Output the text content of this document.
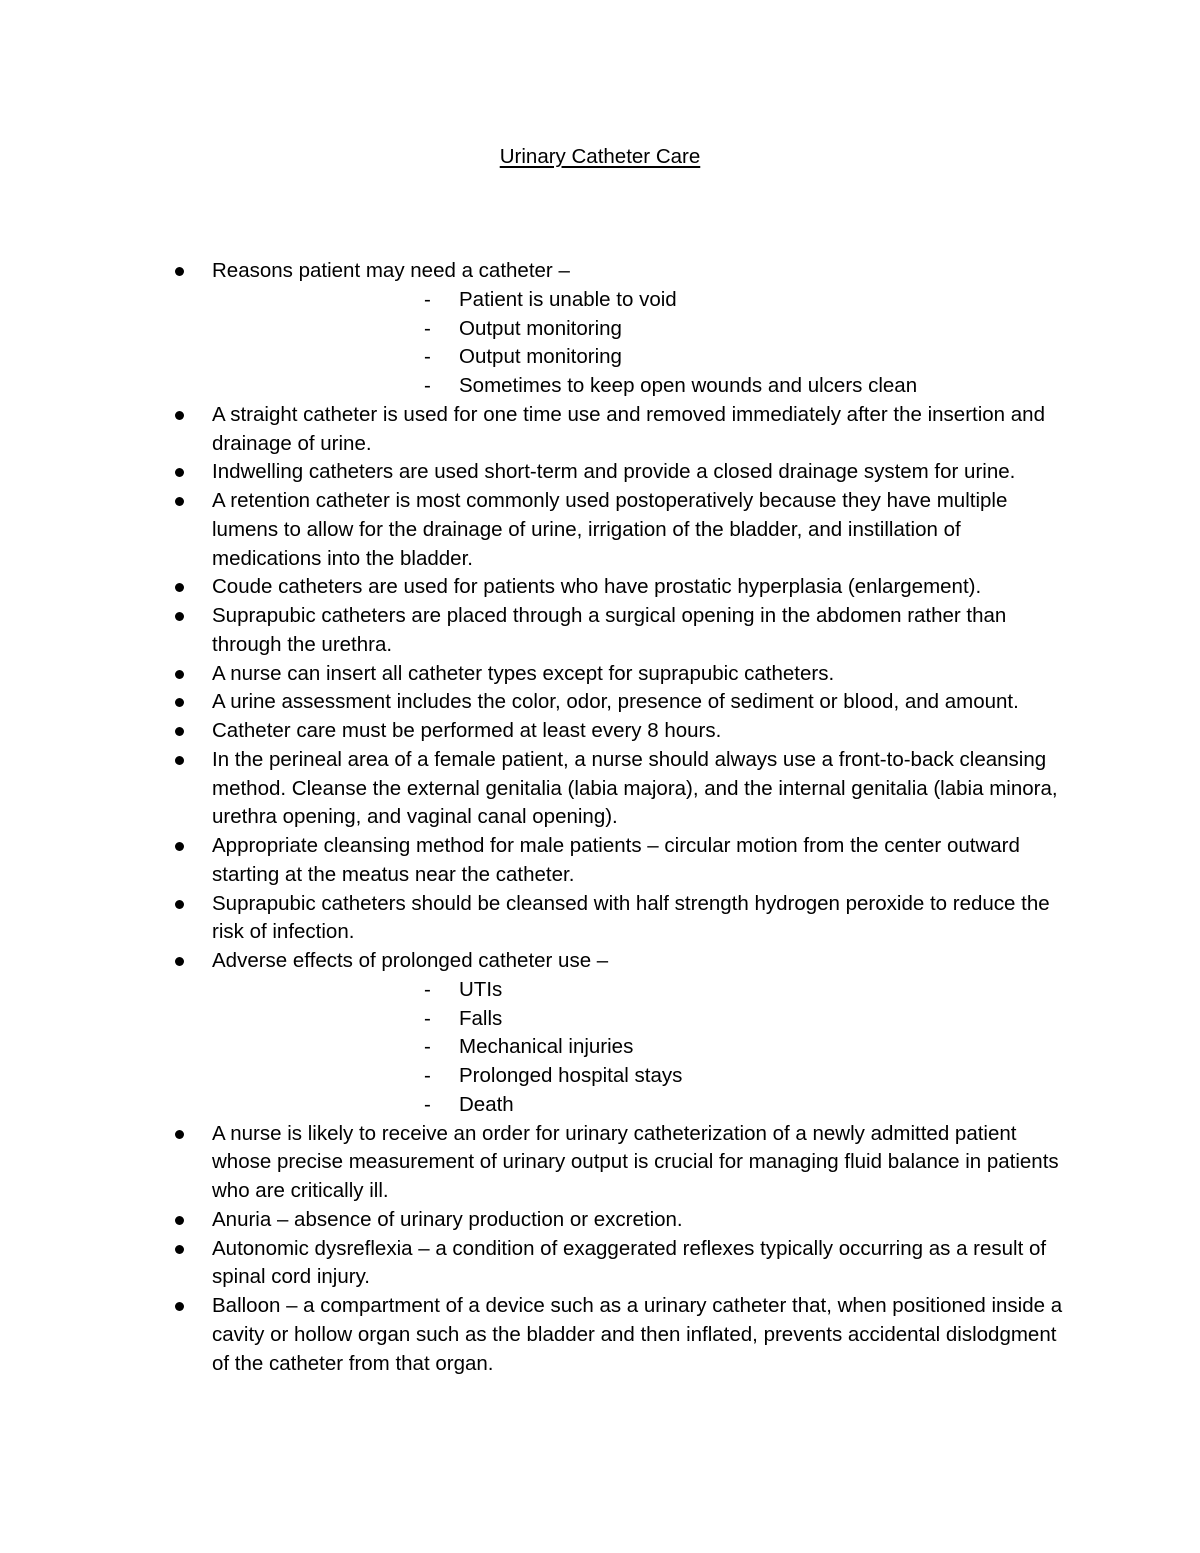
Urinary Catheter Care
Reasons patient may need a catheter –
- Patient is unable to void
- Output monitoring
- Output monitoring
- Sometimes to keep open wounds and ulcers clean
A straight catheter is used for one time use and removed immediately after the insertion and drainage of urine.
Indwelling catheters are used short-term and provide a closed drainage system for urine.
A retention catheter is most commonly used postoperatively because they have multiple lumens to allow for the drainage of urine, irrigation of the bladder, and instillation of medications into the bladder.
Coude catheters are used for patients who have prostatic hyperplasia (enlargement).
Suprapubic catheters are placed through a surgical opening in the abdomen rather than through the urethra.
A nurse can insert all catheter types except for suprapubic catheters.
A urine assessment includes the color, odor, presence of sediment or blood, and amount.
Catheter care must be performed at least every 8 hours.
In the perineal area of a female patient, a nurse should always use a front-to-back cleansing method. Cleanse the external genitalia (labia majora), and the internal genitalia (labia minora, urethra opening, and vaginal canal opening).
Appropriate cleansing method for male patients – circular motion from the center outward starting at the meatus near the catheter.
Suprapubic catheters should be cleansed with half strength hydrogen peroxide to reduce the risk of infection.
Adverse effects of prolonged catheter use –
- UTIs
- Falls
- Mechanical injuries
- Prolonged hospital stays
- Death
A nurse is likely to receive an order for urinary catheterization of a newly admitted patient whose precise measurement of urinary output is crucial for managing fluid balance in patients who are critically ill.
Anuria – absence of urinary production or excretion.
Autonomic dysreflexia – a condition of exaggerated reflexes typically occurring as a result of spinal cord injury.
Balloon – a compartment of a device such as a urinary catheter that, when positioned inside a cavity or hollow organ such as the bladder and then inflated, prevents accidental dislodgment of the catheter from that organ.
